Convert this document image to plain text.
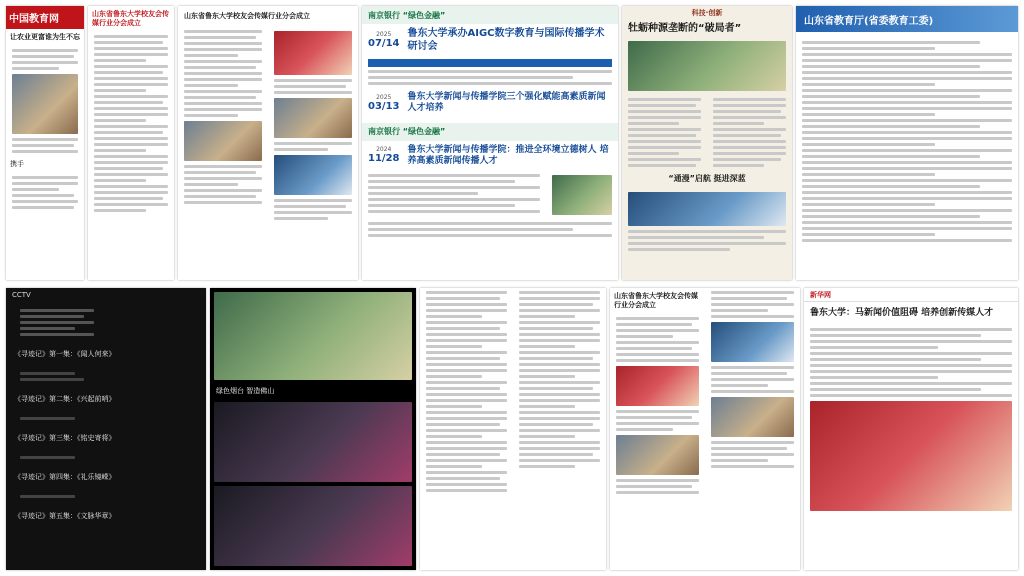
中国教育网
让农业更富谁为生不忘
携手
山东省鲁东大学校友会传媒行业分会成立
山东省鲁东大学校友会传媒行业分会成立	南京银行 “绿色金融”
2025
07/14
鲁东大学承办AIGC数字教育与国际传播学术研讨会
2025
03/13
鲁东大学新闻与传播学院三个强化赋能高素质新闻人才培养
南京银行 “绿色金融”
2024
11/28
鲁东大学新闻与传播学院：推进全环境立德树人 培养高素质新闻传播人才
科技·创新
牡蛎种源垄断的“破局者”
“通漫”启航 挺进深蓝
山东省教育厅(省委教育工委)
CCTV
《寻迹记》第一集：《闻人何来》
《寻迹记》第二集：《兴起前哨》
《寻迹记》第三集：《铭史寄将》
《寻迹记》第四集：《礼乐镜嵘》
《寻迹记》第五集：《文脉华章》
绿色烟台 智造佛山
山东省鲁东大学校友会传媒行业分会成立
新华网
鲁东大学：马新闻价值阻碍 培养创新传媒人才
